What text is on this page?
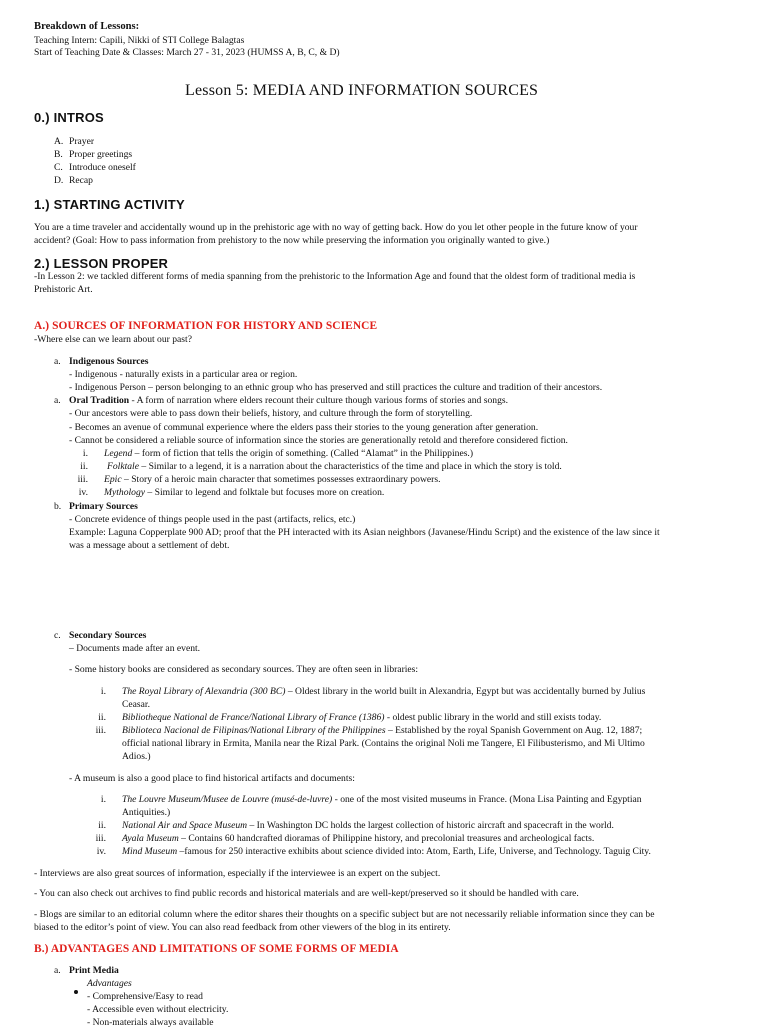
Breakdown of Lessons:
Teaching Intern: Capili, Nikki of STI College Balagtas
Start of Teaching Date & Classes: March 27 - 31, 2023 (HUMSS A, B, C, & D)
Lesson 5: MEDIA AND INFORMATION SOURCES
0.) INTROS
A. Prayer
B. Proper greetings
C. Introduce oneself
D. Recap
1.) STARTING ACTIVITY
You are a time traveler and accidentally wound up in the prehistoric age with no way of getting back. How do you let other people in the future know of your
accident? (Goal: How to pass information from prehistory to the now while preserving the information you originally wanted to give.)
2.) LESSON PROPER
-In Lesson 2: we tackled different forms of media spanning from the prehistoric to the Information Age and found that the oldest form of traditional media is
Prehistoric Art.
A.) SOURCES OF INFORMATION FOR HISTORY AND SCIENCE
-Where else can we learn about our past?
a. Indigenous Sources
- Indigenous - naturally exists in a particular area or region.
- Indigenous Person – person belonging to an ethnic group who has preserved and still practices the culture and tradition of their ancestors.
a. Oral Tradition - A form of narration where elders recount their culture though various forms of stories and songs.
- Our ancestors were able to pass down their beliefs, history, and culture through the form of storytelling.
- Becomes an avenue of communal experience where the elders pass their stories to the young generation after generation.
- Cannot be considered a reliable source of information since the stories are generationally retold and therefore considered fiction.
i. Legend – form of fiction that tells the origin of something. (Called “Alamat” in the Philippines.)
ii. Folktale – Similar to a legend, it is a narration about the characteristics of the time and place in which the story is told.
iii. Epic – Story of a heroic main character that sometimes possesses extraordinary powers.
iv. Mythology – Similar to legend and folktale but focuses more on creation.
b. Primary Sources
- Concrete evidence of things people used in the past (artifacts, relics, etc.)
Example: Laguna Copperplate 900 AD; proof that the PH interacted with its Asian neighbors (Javanese/Hindu Script) and the existence of the law since it
was a message about a settlement of debt.
c. Secondary Sources
– Documents made after an event.
- Some history books are considered as secondary sources. They are often seen in libraries:
i. The Royal Library of Alexandria (300 BC) – Oldest library in the world built in Alexandria, Egypt but was accidentally burned by Julius
Ceasar.
ii. Bibliotheque National de France/National Library of France (1386) - oldest public library in the world and still exists today.
iii. Biblioteca Nacional de Filipinas/National Library of the Philippines – Established by the royal Spanish Government on Aug. 12, 1887;
official national library in Ermita, Manila near the Rizal Park. (Contains the original Noli me Tangere, El Filibusterismo, and Mi Ultimo
Adios.)
- A museum is also a good place to find historical artifacts and documents:
i. The Louvre Museum/Musee de Louvre (musé-de-luvre) - one of the most visited museums in France. (Mona Lisa Painting and Egyptian
Antiquities.)
ii. National Air and Space Museum – In Washington DC holds the largest collection of historic aircraft and spacecraft in the world.
iii. Ayala Museum – Contains 60 handcrafted dioramas of Philippine history, and precolonial treasures and archeological facts.
iv. Mind Museum –famous for 250 interactive exhibits about science divided into: Atom, Earth, Life, Universe, and Technology. Taguig City.
- Interviews are also great sources of information, especially if the interviewee is an expert on the subject.
- You can also check out archives to find public records and historical materials and are well-kept/preserved so it should be handled with care.
- Blogs are similar to an editorial column where the editor shares their thoughts on a specific subject but are not necessarily reliable information since they can be
biased to the editor’s point of view. You can also read feedback from other viewers of the blog in its entirety.
B.) ADVANTAGES AND LIMITATIONS OF SOME FORMS OF MEDIA
a. Print Media
Advantages
- Comprehensive/Easy to read
- Accessible even without electricity.
- Non-materials always available
